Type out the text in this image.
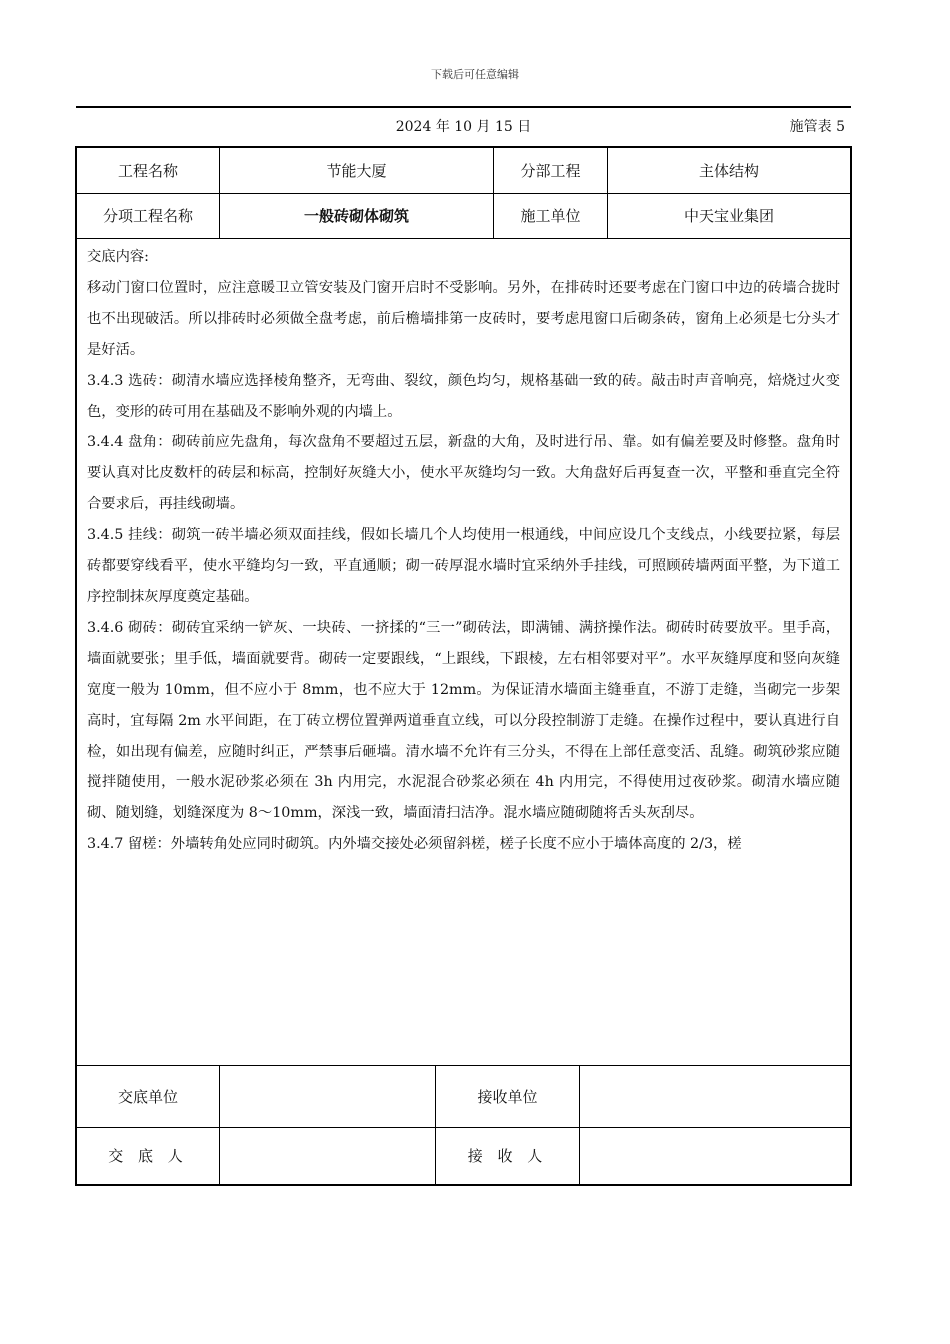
下载后可任意编辑
2024 年 10 月 15 日	施管表 5
工程名称	节能大厦	分部工程	主体结构
分项工程名称	一般砖砌体砌筑	施工单位	中天宝业集团

交底内容:

移动门窗口位置时，应注意暖卫立管安装及门窗开启时不受影响。另外，在排砖时还要考虑在门窗口中边的砖墙合拢时也不出现破活。所以排砖时必须做全盘考虑，前后檐墙排第一皮砖时，要考虑甩窗口后砌条砖，窗角上必须是七分头才是好活。

3.4.3 选砖：砌清水墙应选择棱角整齐，无弯曲、裂纹，颜色均匀，规格基础一致的砖。敲击时声音响亮，焙烧过火变色，变形的砖可用在基础及不影响外观的内墙上。

3.4.4 盘角：砌砖前应先盘角，每次盘角不要超过五层，新盘的大角，及时进行吊、靠。如有偏差要及时修整。盘角时要认真对比皮数杆的砖层和标高，控制好灰缝大小，使水平灰缝均匀一致。大角盘好后再复查一次，平整和垂直完全符合要求后，再挂线砌墙。

3.4.5 挂线：砌筑一砖半墙必须双面挂线，假如长墙几个人均使用一根通线，中间应设几个支线点，小线要拉紧，每层砖都要穿线看平，使水平缝均匀一致，平直通顺；砌一砖厚混水墙时宜采纳外手挂线，可照顾砖墙两面平整，为下道工序控制抹灰厚度奠定基础。

3.4.6 砌砖：砌砖宜采纳一铲灰、一块砖、一挤揉的“三一”砌砖法，即满铺、满挤操作法。砌砖时砖要放平。里手高，墙面就要张；里手低，墙面就要背。砌砖一定要跟线，“上跟线，下跟棱，左右相邻要对平”。水平灰缝厚度和竖向灰缝宽度一般为 10mm，但不应小于 8mm，也不应大于 12mm。为保证清水墙面主缝垂直，不游丁走缝，当砌完一步架高时，宜每隔 2m 水平间距，在丁砖立楞位置弹两道垂直立线，可以分段控制游丁走缝。在操作过程中，要认真进行自检，如出现有偏差，应随时纠正，严禁事后砸墙。清水墙不允许有三分头，不得在上部任意变活、乱缝。砌筑砂浆应随搅拌随使用，一般水泥砂浆必须在 3h 内用完，水泥混合砂浆必须在 4h 内用完，不得使用过夜砂浆。砌清水墙应随砌、随划缝，划缝深度为 8～10mm，深浅一致，墙面清扫洁净。混水墙应随砌随将舌头灰刮尽。

3.4.7 留槎：外墙转角处应同时砌筑。内外墙交接处必须留斜槎，槎子长度不应小于墙体高度的 2/3，槎

交底单位	接收单位
交 底 人	接 收 人
